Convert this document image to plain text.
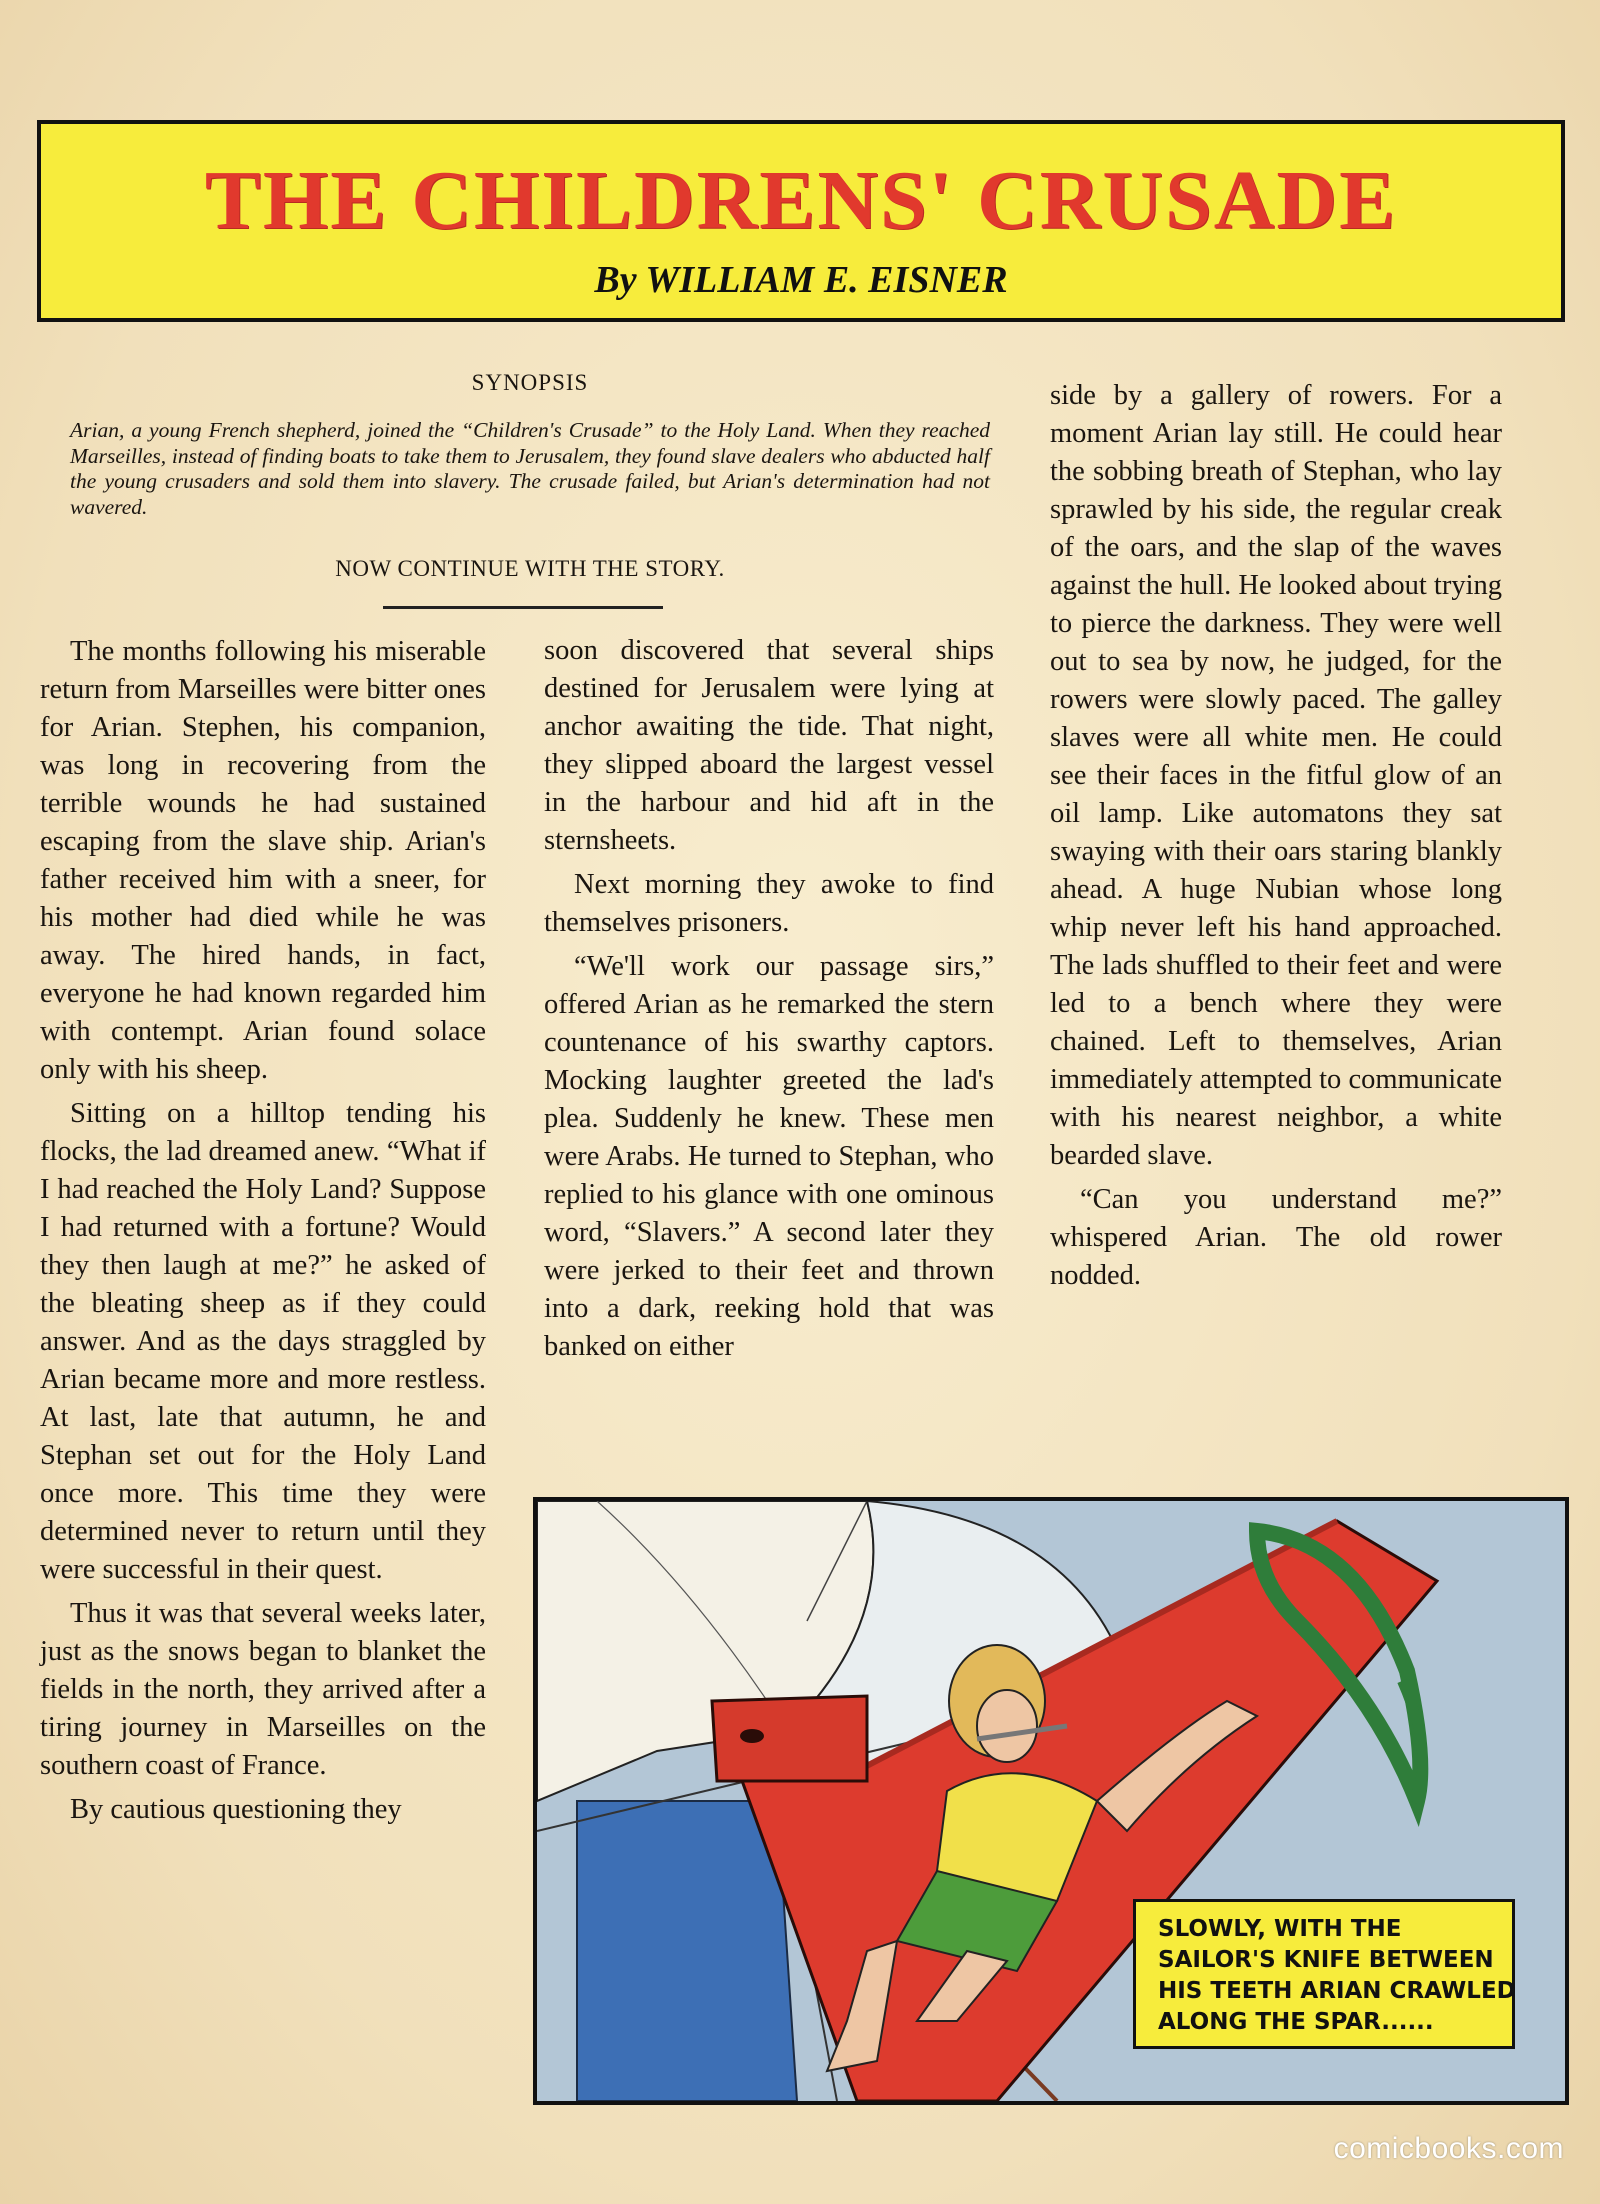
THE CHILDRENS' CRUSADE
By WILLIAM E. EISNER
SYNOPSIS
Arian, a young French shepherd, joined the “Children's Crusade” to the Holy Land. When they reached Marseilles, instead of finding boats to take them to Jerusalem, they found slave dealers who abducted half the young crusaders and sold them into slavery. The crusade failed, but Arian's determination had not wavered.
NOW CONTINUE WITH THE STORY.

The months following his miserable return from Marseilles were bitter ones for Arian. Stephen, his companion, was long in recovering from the terrible wounds he had sustained escaping from the slave ship. Arian's father received him with a sneer, for his mother had died while he was away. The hired hands, in fact, everyone he had known regarded him with contempt. Arian found solace only with his sheep.

Sitting on a hilltop tending his flocks, the lad dreamed anew. “What if I had reached the Holy Land? Suppose I had returned with a fortune? Would they then laugh at me?” he asked of the bleating sheep as if they could answer. And as the days straggled by Arian became more and more restless. At last, late that autumn, he and Stephan set out for the Holy Land once more. This time they were determined never to return until they were successful in their quest.

Thus it was that several weeks later, just as the snows began to blanket the fields in the north, they arrived after a tiring journey in Marseilles on the southern coast of France.

By cautious questioning they

soon discovered that several ships destined for Jerusalem were lying at anchor awaiting the tide. That night, they slipped aboard the largest vessel in the harbour and hid aft in the sternsheets.

Next morning they awoke to find themselves prisoners.

“We'll work our passage sirs,” offered Arian as he remarked the stern countenance of his swarthy captors. Mocking laughter greeted the lad's plea. Suddenly he knew. These men were Arabs. He turned to Stephan, who replied to his glance with one ominous word, “Slavers.” A second later they were jerked to their feet and thrown into a dark, reeking hold that was banked on either

side by a gallery of rowers. For a moment Arian lay still. He could hear the sobbing breath of Stephan, who lay sprawled by his side, the regular creak of the oars, and the slap of the waves against the hull. He looked about trying to pierce the darkness. They were well out to sea by now, he judged, for the rowers were slowly paced. The galley slaves were all white men. He could see their faces in the fitful glow of an oil lamp. Like automatons they sat swaying with their oars staring blankly ahead. A huge Nubian whose long whip never left his hand approached. The lads shuffled to their feet and were led to a bench where they were chained. Left to themselves, Arian immediately attempted to communicate with his nearest neighbor, a white bearded slave.

“Can you understand me?” whispered Arian. The old rower nodded.

SLOWLY, WITH THE
SAILOR'S KNIFE BETWEEN
HIS TEETH ARIAN CRAWLED
ALONG THE SPAR......
comicbooks.com
